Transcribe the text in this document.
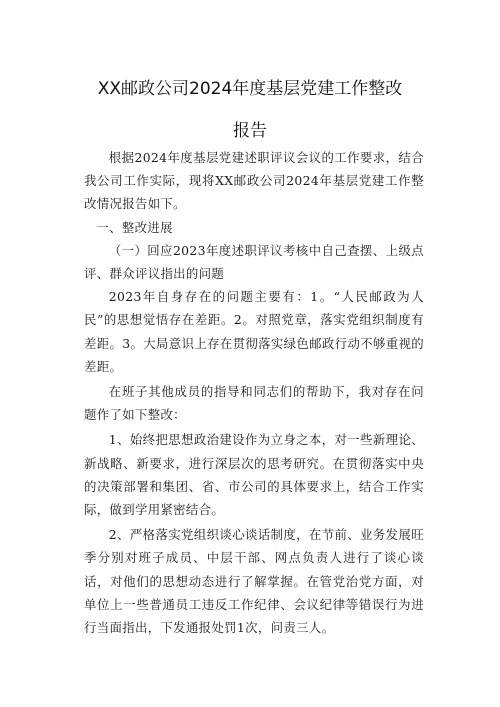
XX邮政公司2024年度基层党建工作整改
报告

根据2024年度基层党建述职评议会议的工作要求，结合我公司工作实际，现将XX邮政公司2024年基层党建工作整改情况报告如下。

一、整改进展

（一）回应2023年度述职评议考核中自己查摆、上级点评、群众评议指出的问题

2023年自身存在的问题主要有：1。“人民邮政为人民”的思想觉悟存在差距。2。对照党章，落实党组织制度有差距。3。大局意识上存在贯彻落实绿色邮政行动不够重视的差距。

在班子其他成员的指导和同志们的帮助下，我对存在问题作了如下整改：

1、始终把思想政治建设作为立身之本，对一些新理论、新战略、新要求，进行深层次的思考研究。在贯彻落实中央的决策部署和集团、省、市公司的具体要求上，结合工作实际，做到学用紧密结合。

2、严格落实党组织谈心谈话制度，在节前、业务发展旺季分别对班子成员、中层干部、网点负责人进行了谈心谈话，对他们的思想动态进行了解掌握。在管党治党方面，对单位上一些普通员工违反工作纪律、会议纪律等错误行为进行当面指出，下发通报处罚1次，问责三人。
